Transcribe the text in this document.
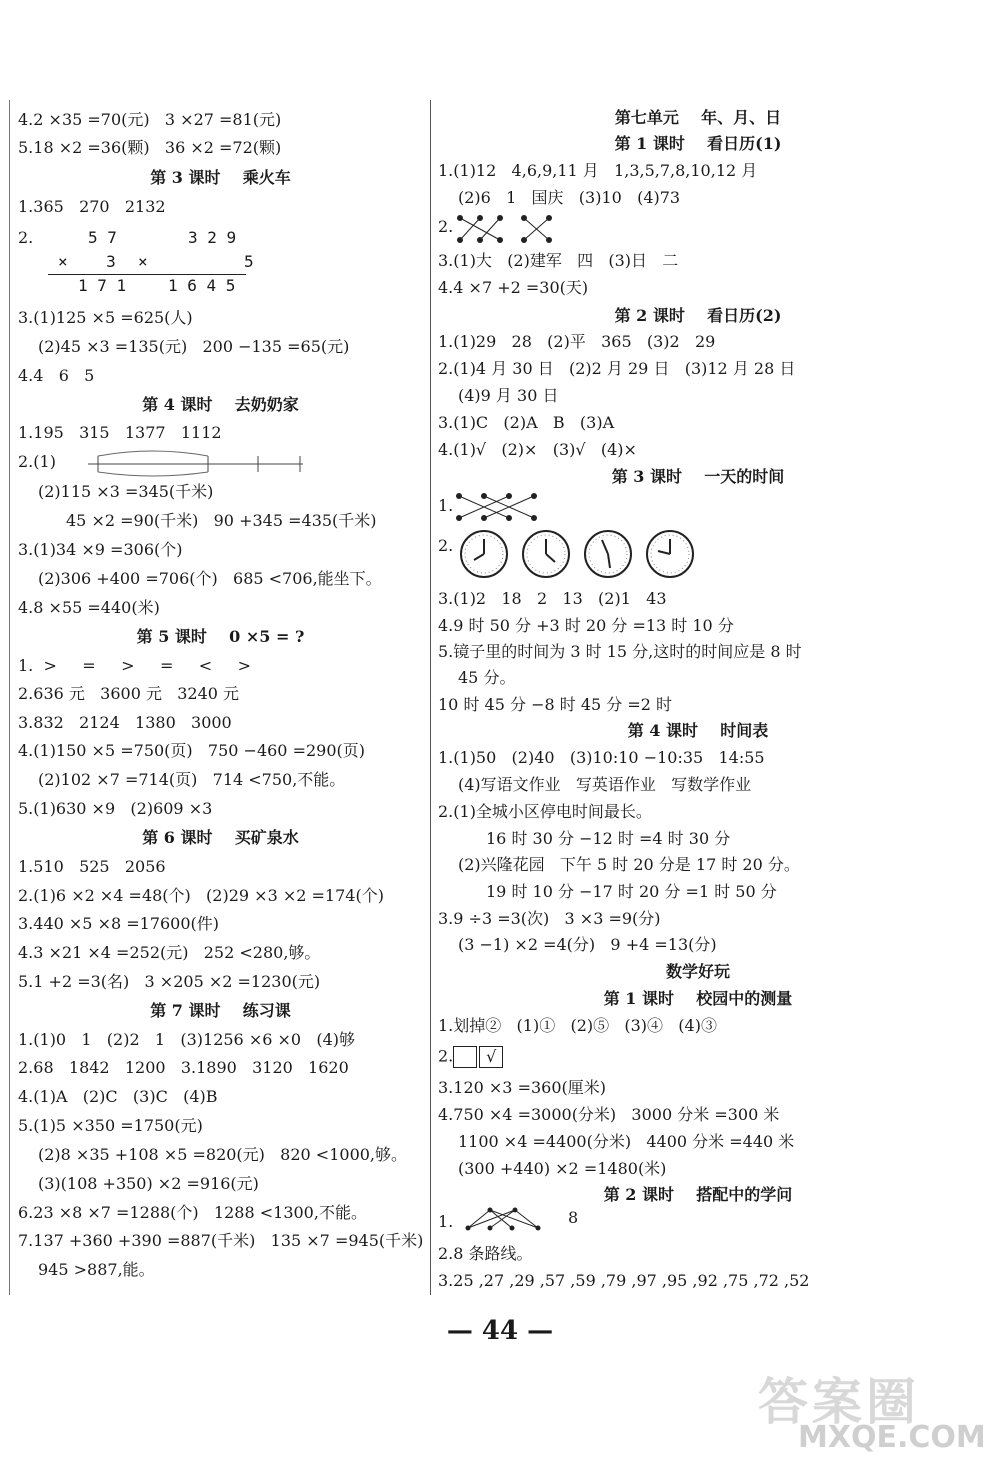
4.2 ×35 =70(元)   3 ×27 =81(元)
5.18 ×2 =36(颗)   36 ×2 =72(颗)
第 3 课时    乘火车
1.365   270   2132
2.	5 7
×    3
1 7 1
3 2 9
×          5
1 6 4 5
3.(1)125 ×5 =625(人)
(2)45 ×3 =135(元)   200 −135 =65(元)
4.4   6   5
第 4 课时    去奶奶家
1.195   315   1377   1112
2.(1)
(2)115 ×3 =345(千米)
45 ×2 =90(千米)   90 +345 =435(千米)
3.(1)34 ×9 =306(个)
(2)306 +400 =706(个)   685 <706,能坐下。
4.8 ×55 =440(米)
第 5 课时    0 ×5 = ?
1.  >     =     >     =     <     >
2.636 元   3600 元   3240 元
3.832   2124   1380   3000
4.(1)150 ×5 =750(页)   750 −460 =290(页)
(2)102 ×7 =714(页)   714 <750,不能。
5.(1)630 ×9   (2)609 ×3
第 6 课时    买矿泉水
1.510   525   2056
2.(1)6 ×2 ×4 =48(个)   (2)29 ×3 ×2 =174(个)
3.440 ×5 ×8 =17600(件)
4.3 ×21 ×4 =252(元)   252 <280,够。
5.1 +2 =3(名)   3 ×205 ×2 =1230(元)
第 7 课时    练习课
1.(1)0   1   (2)2   1   (3)1256 ×6 ×0   (4)够
2.68   1842   1200   3.1890   3120   1620
4.(1)A   (2)C   (3)C   (4)B
5.(1)5 ×350 =1750(元)
(2)8 ×35 +108 ×5 =820(元)   820 <1000,够。
(3)(108 +350) ×2 =916(元)
6.23 ×8 ×7 =1288(个)   1288 <1300,不能。
7.137 +360 +390 =887(千米)   135 ×7 =945(千米)
945 >887,能。
第七单元    年、月、日
第 1 课时    看日历(1)
1.(1)12   4,6,9,11 月   1,3,5,7,8,10,12 月
(2)6   1   国庆   (3)10   (4)73
2.
3.(1)大   (2)建军   四   (3)日   二
4.4 ×7 +2 =30(天)
第 2 课时    看日历(2)
1.(1)29   28   (2)平   365   (3)2   29
2.(1)4 月 30 日   (2)2 月 29 日   (3)12 月 28 日
(4)9 月 30 日
3.(1)C   (2)A   B   (3)A
4.(1)√   (2)×   (3)√   (4)×
第 3 课时    一天的时间
1.
2.
3.(1)2   18   2   13   (2)1   43
4.9 时 50 分 +3 时 20 分 =13 时 10 分
5.镜子里的时间为 3 时 15 分,这时的时间应是 8 时
45 分。
10 时 45 分 −8 时 45 分 =2 时
第 4 课时    时间表
1.(1)50   (2)40   (3)10:10 −10:35   14:55
(4)写语文作业   写英语作业   写数学作业
2.(1)全城小区停电时间最长。
16 时 30 分 −12 时 =4 时 30 分
(2)兴隆花园   下午 5 时 20 分是 17 时 20 分。
19 时 10 分 −17 时 20 分 =1 时 50 分
3.9 ÷3 =3(次)   3 ×3 =9(分)
(3 −1) ×2 =4(分)   9 +4 =13(分)
数学好玩
第 1 课时    校园中的测量
1.划掉②   (1)①   (2)⑤   (3)④   (4)③
2. √
3.120 ×3 =360(厘米)
4.750 ×4 =3000(分米)   3000 分米 =300 米
1100 ×4 =4400(分米)   4400 分米 =440 米
(300 +440) ×2 =1480(米)
第 2 课时    搭配中的学问
1.	8
2.8 条路线。
3.25 ,27 ,29 ,57 ,59 ,79 ,97 ,95 ,92 ,75 ,72 ,52
— 44 —
答案圈
MXQE.COM
